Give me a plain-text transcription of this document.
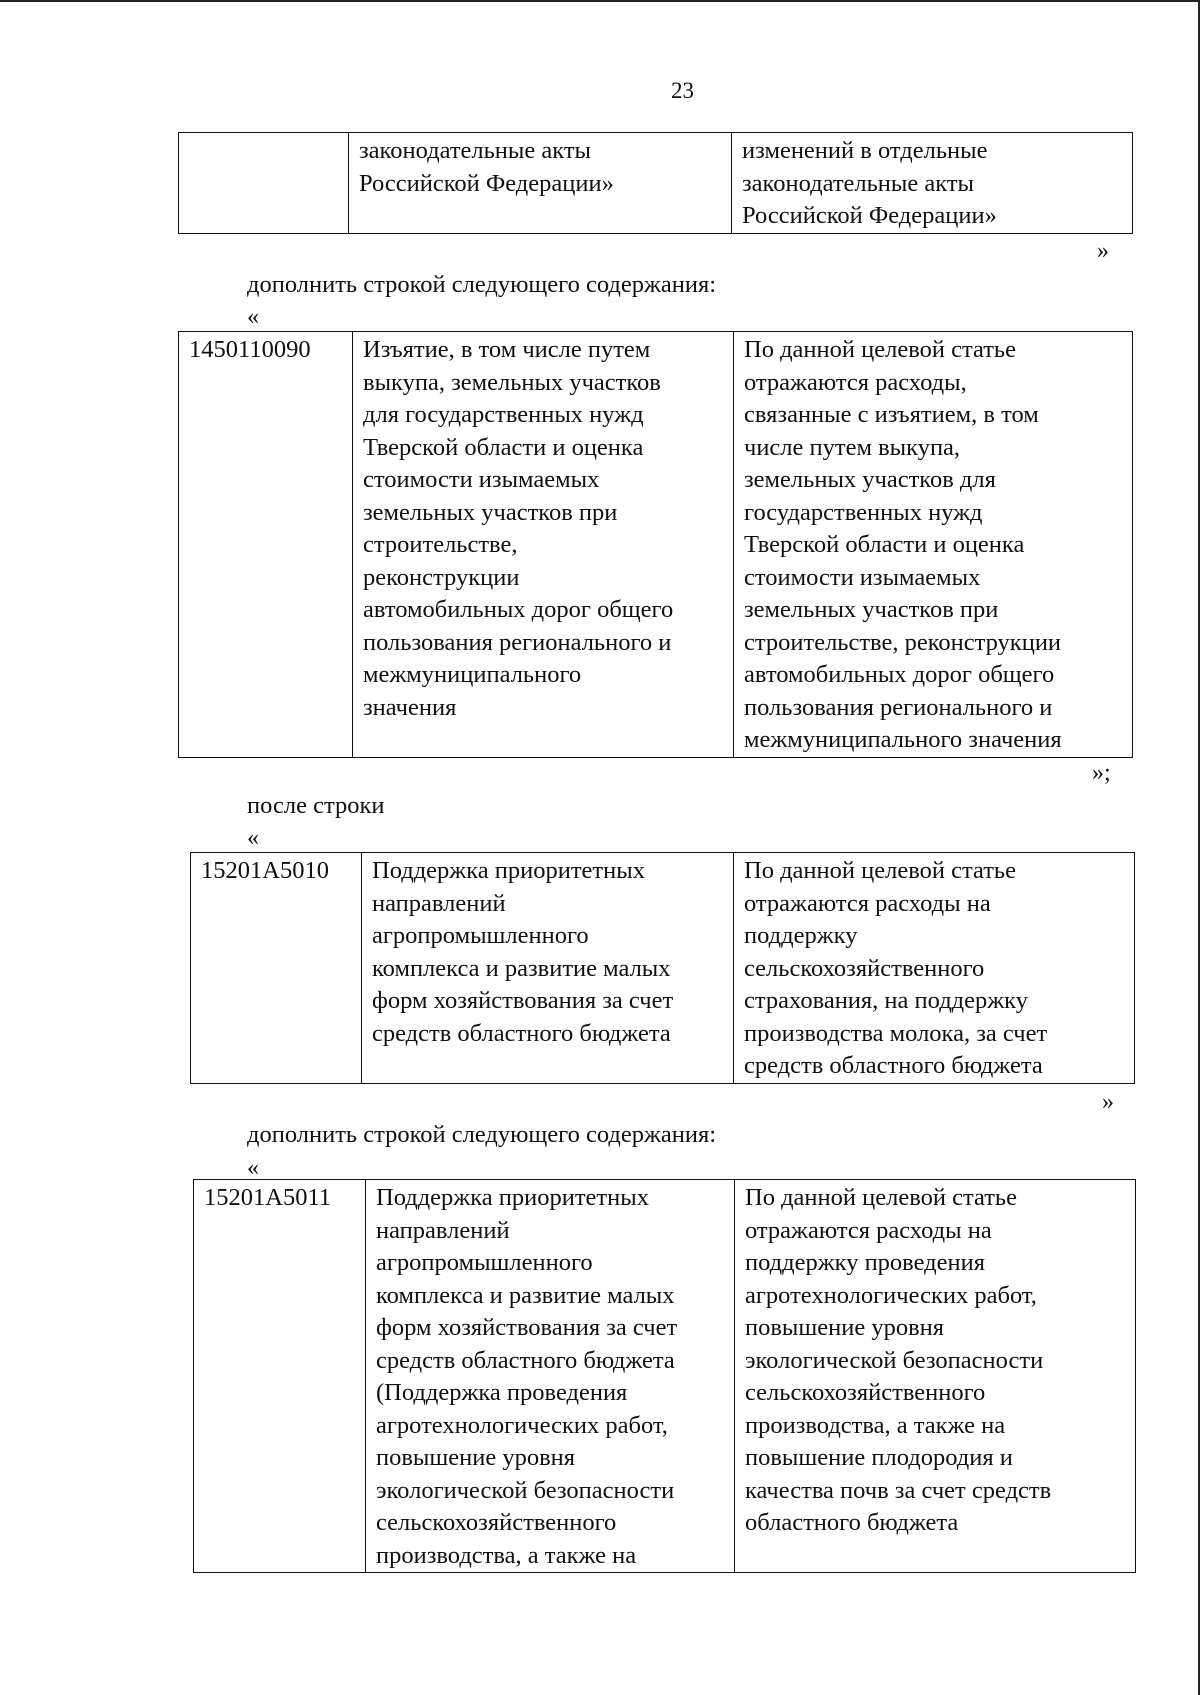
23
	законодательные акты
Российской Федерации»	изменений в отдельные
законодательные акты
Российской Федерации»
»
дополнить строкой следующего содержания:
«
1450110090	Изъятие, в том числе путем
выкупа, земельных участков
для государственных нужд
Тверской области и оценка
стоимости изымаемых
земельных участков при
строительстве,
реконструкции
автомобильных дорог общего
пользования регионального и
межмуниципального
значения	По данной целевой статье
отражаются расходы,
связанные с изъятием, в том
числе путем выкупа,
земельных участков для
государственных нужд
Тверской области и оценка
стоимости изымаемых
земельных участков при
строительстве, реконструкции
автомобильных дорог общего
пользования регионального и
межмуниципального значения
»;
после строки
«
15201A5010	Поддержка приоритетных
направлений
агропромышленного
комплекса и развитие малых
форм хозяйствования за счет
средств областного бюджета	По данной целевой статье
отражаются расходы на
поддержку
сельскохозяйственного
страхования, на поддержку
производства молока, за счет
средств областного бюджета
»
дополнить строкой следующего содержания:
«
15201A5011	Поддержка приоритетных
направлений
агропромышленного
комплекса и развитие малых
форм хозяйствования за счет
средств областного бюджета
(Поддержка проведения
агротехнологических работ,
повышение уровня
экологической безопасности
сельскохозяйственного
производства, а также на	По данной целевой статье
отражаются расходы на
поддержку проведения
агротехнологических работ,
повышение уровня
экологической безопасности
сельскохозяйственного
производства, а также на
повышение плодородия и
качества почв за счет средств
областного бюджета
